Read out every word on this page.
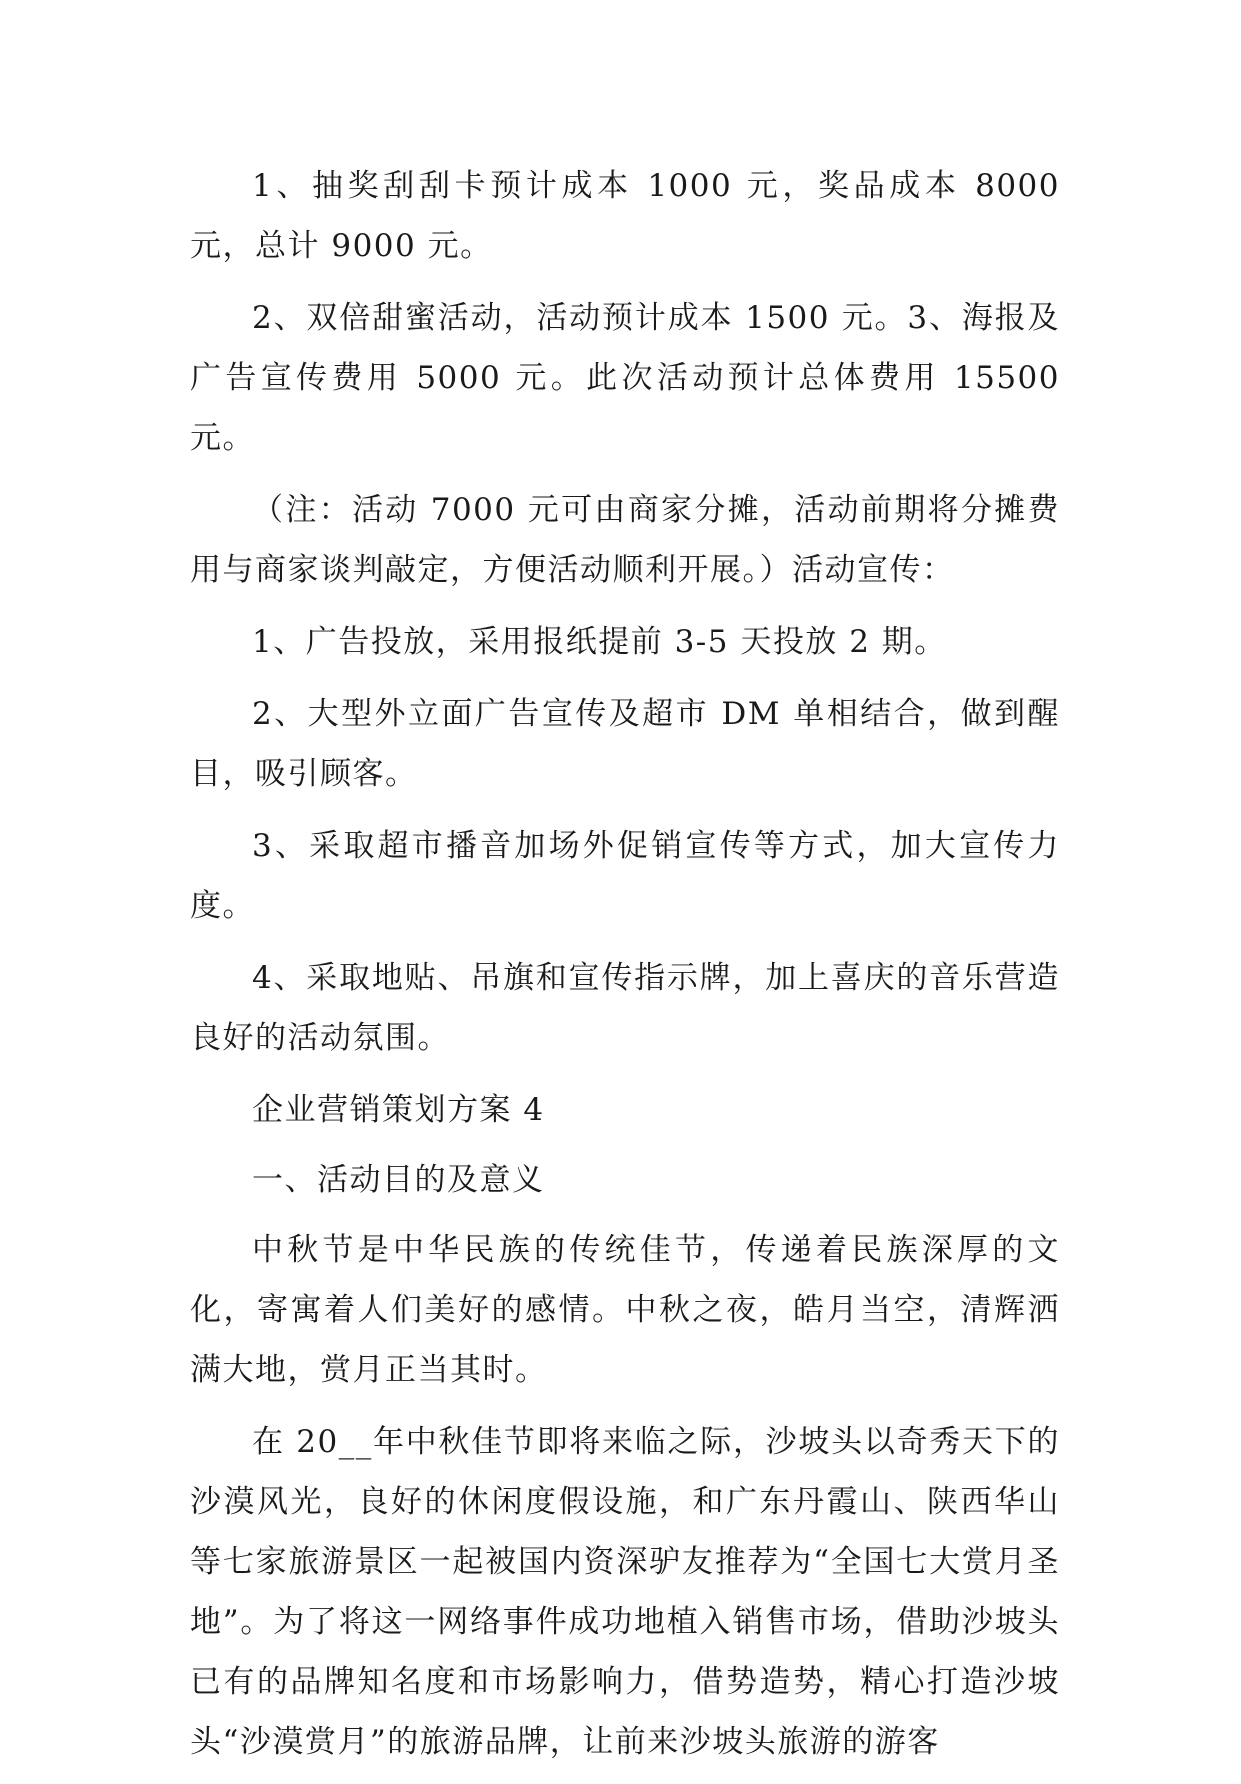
1、抽奖刮刮卡预计成本 1000 元，奖品成本 8000 元，总计 9000 元。

2、双倍甜蜜活动，活动预计成本 1500 元。3、海报及广告宣传费用 5000 元。此次活动预计总体费用 15500 元。

（注：活动 7000 元可由商家分摊，活动前期将分摊费用与商家谈判敲定，方便活动顺利开展。）活动宣传：

1、广告投放，采用报纸提前 3-5 天投放 2 期。

2、大型外立面广告宣传及超市 DM 单相结合，做到醒目，吸引顾客。

3、采取超市播音加场外促销宣传等方式，加大宣传力度。

4、采取地贴、吊旗和宣传指示牌，加上喜庆的音乐营造良好的活动氛围。

企业营销策划方案 4

一、活动目的及意义

中秋节是中华民族的传统佳节，传递着民族深厚的文化，寄寓着人们美好的感情。中秋之夜，皓月当空，清辉洒满大地，赏月正当其时。

在 20__年中秋佳节即将来临之际，沙坡头以奇秀天下的沙漠风光，良好的休闲度假设施，和广东丹霞山、陕西华山等七家旅游景区一起被国内资深驴友推荐为“全国七大赏月圣地”。为了将这一网络事件成功地植入销售市场，借助沙坡头已有的品牌知名度和市场影响力，借势造势，精心打造沙坡头“沙漠赏月”的旅游品牌，让前来沙坡头旅游的游客
